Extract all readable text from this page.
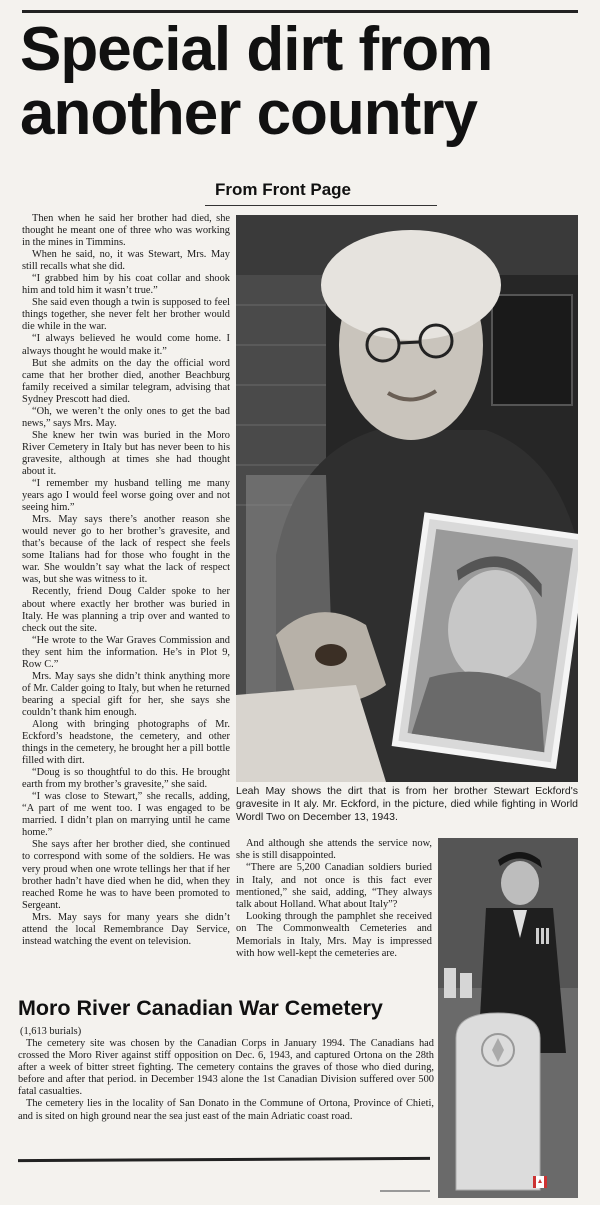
Special dirt from another country
From Front Page

Then when he said her brother had died, she thought he meant one of three who was working in the mines in Timmins.

When he said, no, it was Stewart, Mrs. May still recalls what she did.

“I grabbed him by his coat collar and shook him and told him it wasn’t true.”

She said even though a twin is supposed to feel things together, she never felt her brother would die while in the war.

“I always believed he would come home. I always thought he would make it.”

But she admits on the day the official word came that her brother died, another Beachburg family received a similar telegram, advising that Sydney Prescott had died.

“Oh, we weren’t the only ones to get the bad news,” says Mrs. May.

She knew her twin was buried in the Moro River Cemetery in Italy but has never been to his gravesite, although at times she had thought about it.

“I remember my husband telling me many years ago I would feel worse going over and not seeing him.”

Mrs. May says there’s another reason she would never go to her brother’s gravesite, and that’s because of the lack of respect she feels some Italians had for those who fought in the war. She wouldn’t say what the lack of respect was, but she was witness to it.

Recently, friend Doug Calder spoke to her about where exactly her brother was buried in Italy. He was planning a trip over and wanted to check out the site.

“He wrote to the War Graves Commission and they sent him the information. He’s in Plot 9, Row C.”

Mrs. May says she didn’t think anything more of Mr. Calder going to Italy, but when he returned bearing a special gift for her, she says she couldn’t thank him enough.

Along with bringing photographs of Mr. Eckford’s headstone, the cemetery, and other things in the cemetery, he brought her a pill bottle filled with dirt.

“Doug is so thoughtful to do this. He brought earth from my brother’s gravesite,” she said.

“I was close to Stewart,” she recalls, adding, “A part of me went too. I was engaged to be married. I didn’t plan on marrying until he came home.”

She says after her brother died, she continued to correspond with some of the soldiers. He was very proud when one wrote tellings her that if her brother hadn’t have died when he did, when they reached Rome he was to have been promoted to Sergeant.

Mrs. May says for many years she didn’t attend the local Remembrance Day Service, instead watching the event on television.

Leah May shows the dirt that is from her brother Stewart Eckford's gravesite in It aly. Mr. Eckford, in the picture, died while fighting in World Wordl Two on December 13, 1943.

And although she attends the service now, she is still disappointed.

“There are 5,200 Canadian soldiers buried in Italy, and not once is this fact ever mentioned,” she said, adding, “They always talk about Holland. What about Italy”?

Looking through the pamphlet she received on The Commonwealth Cemeteries and Memorials in Italy, Mrs. May is impressed with how well-kept the cemeteries are.

Moro River Canadian War Cemetery
(1,613 burials)

The cemetery site was chosen by the Canadian Corps in January 1994. The Canadians had crossed the Moro River against stiff opposition on Dec. 6, 1943, and captured Ortona on the 28th after a week of bitter street fighting. The cemetery contains the graves of those who died during, before and after that period. in December 1943 alone the 1st Canadian Division suffered over 500 fatal casualties.

The cemetery lies in the locality of San Donato in the Commune of Ortona, Province of Chieti, and is sited on high ground near the sea just east of the main Adriatic coast road.
